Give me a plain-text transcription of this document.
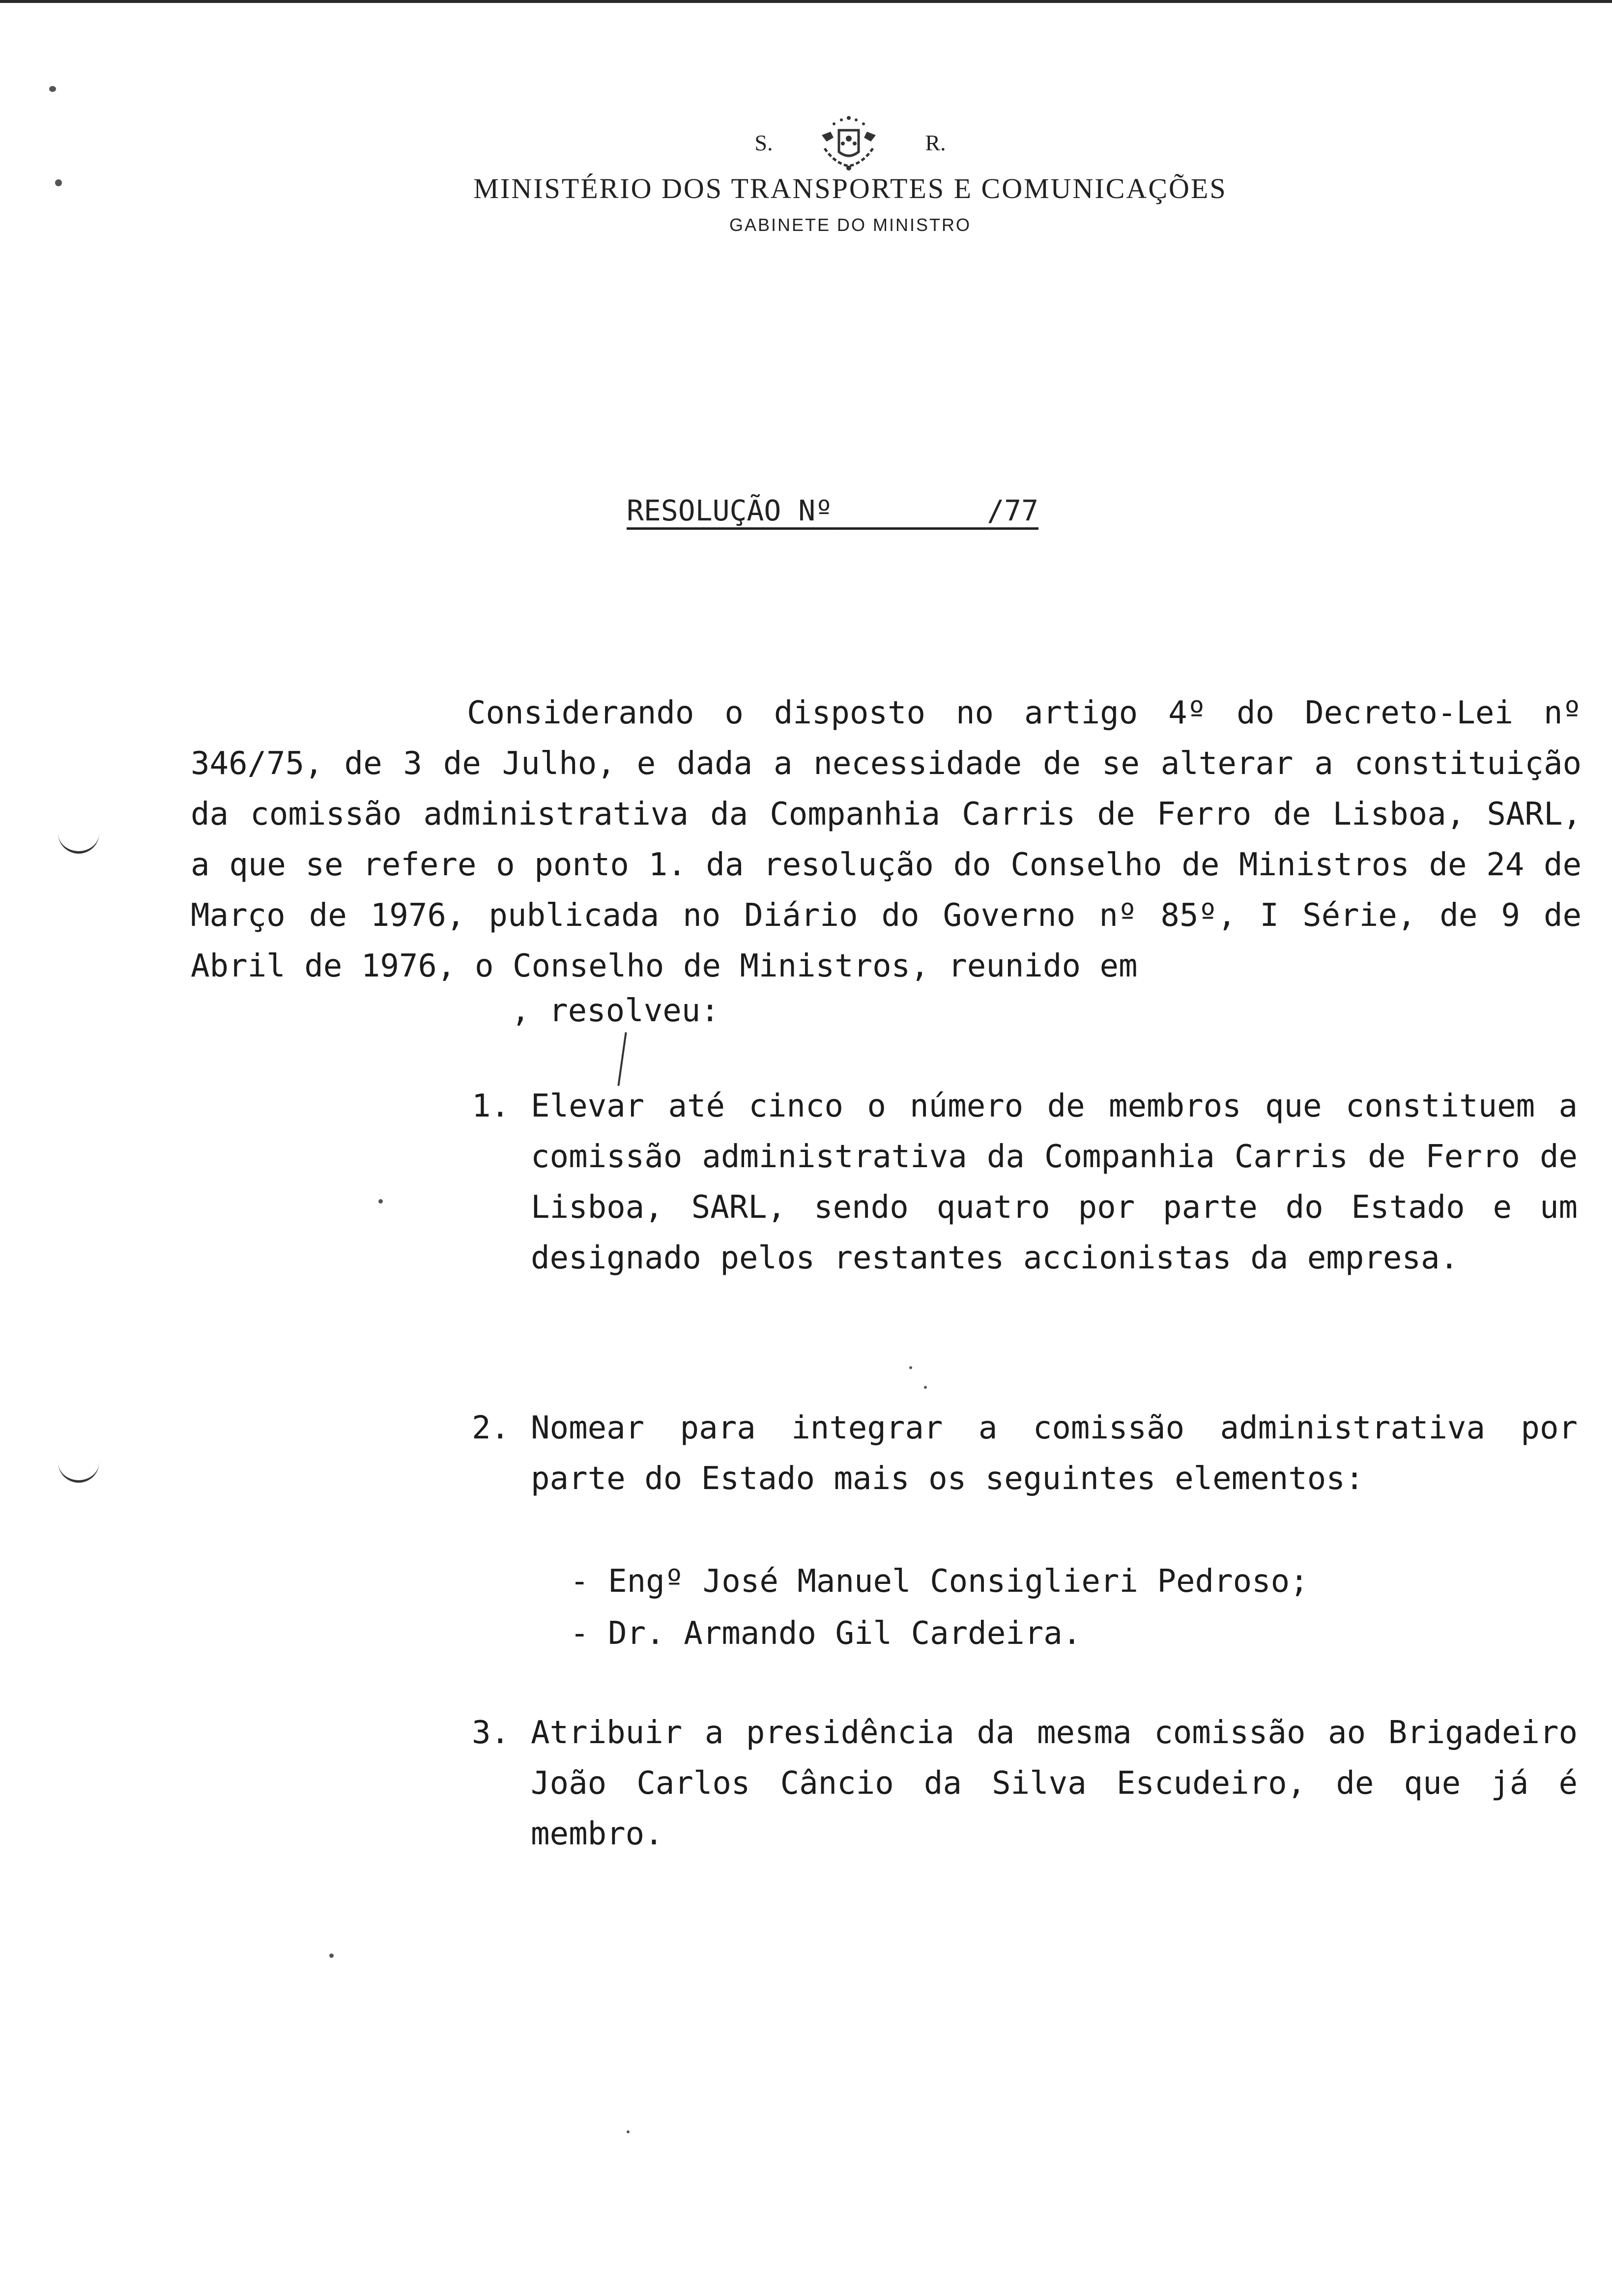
S.	R.
MINISTÉRIO DOS TRANSPORTES E COMUNICAÇÕES
GABINETE DO MINISTRO
RESOLUÇÃO Nº	/77
Considerando o disposto no artigo 4º do Decreto-Lei nº 346/75, de 3 de Julho, e dada a necessidade de se alterar a constituição da comissão administrativa da Companhia Carris de Ferro de Lisboa, SARL, a que se refere o ponto 1. da resolução do Conselho de Ministros de 24 de Março de 1976, publicada no Diário do Governo nº 85º, I Série, de 9 de Abril de 1976, o Conselho de Ministros, reunido em
, resolveu:
1. Elevar até cinco o número de membros que constituem a comissão administrativa da Companhia Carris de Ferro de Lisboa, SARL, sendo quatro por parte do Estado e um designado pelos restantes accionistas da empresa.
2. Nomear para integrar a comissão administrativa por parte do Estado mais os seguintes elementos:
- Engº José Manuel Consiglieri Pedroso;
- Dr. Armando Gil Cardeira.
3. Atribuir a presidência da mesma comissão ao Brigadeiro João Carlos Câncio da Silva Escudeiro, de que já é membro.
